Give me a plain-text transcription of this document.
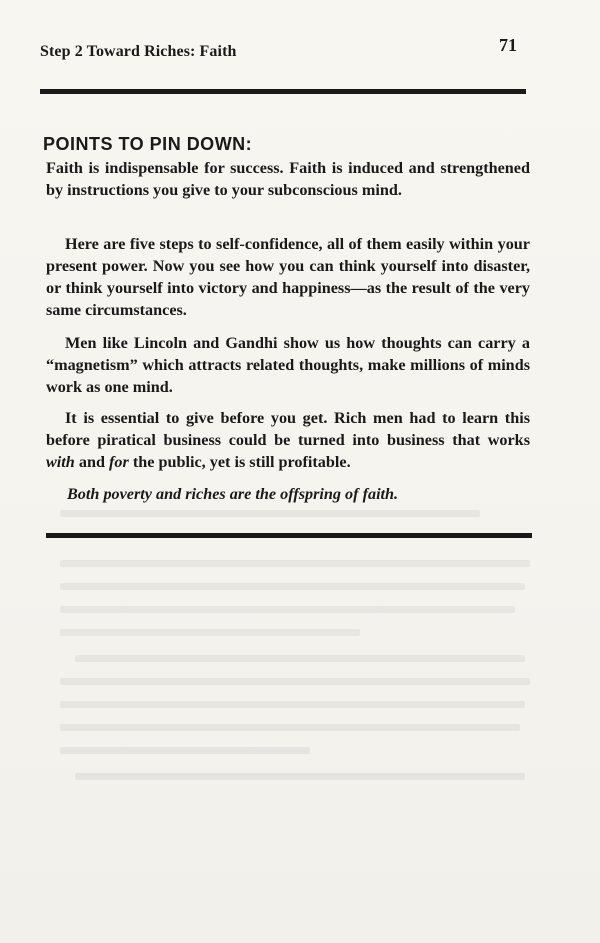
Step 2 Toward Riches: Faith	71
POINTS TO PIN DOWN:

Faith is indispensable for success. Faith is induced and strengthened by instructions you give to your subconscious mind.

Here are five steps to self-confidence, all of them easily within your present power. Now you see how you can think yourself into disaster, or think yourself into victory and happiness—as the result of the very same circumstances.

Men like Lincoln and Gandhi show us how thoughts can carry a “magnetism” which attracts related thoughts, make millions of minds work as one mind.

It is essential to give before you get. Rich men had to learn this before piratical business could be turned into business that works with and for the public, yet is still profitable.

Both poverty and riches are the offspring of faith.
